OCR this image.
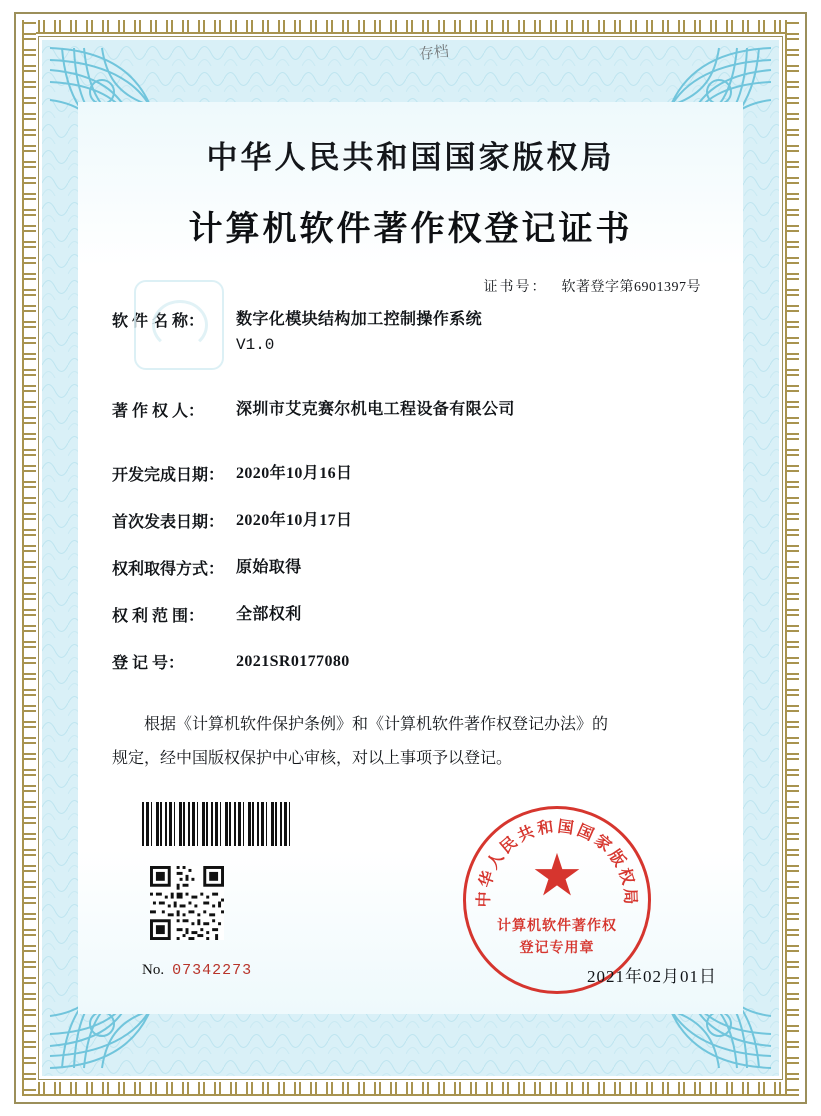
存档
中华人民共和国国家版权局
计算机软件著作权登记证书
证书号： 软著登字第6901397号
软 件 名 称：	数字化模块结构加工控制操作系统
V1.0
著 作 权 人：	深圳市艾克赛尔机电工程设备有限公司
开发完成日期： 2020年10月16日
首次发表日期： 2020年10月17日
权利取得方式： 原始取得
权 利 范 围：	全部权利
登 记 号：	2021SR0177080

根据《计算机软件保护条例》和《计算机软件著作权登记办法》的

规定，经中国版权保护中心审核，对以上事项予以登记。

No. 07342273
中华人民共和国国家版权局
★
计算机软件著作权
登记专用章
2021年02月01日
